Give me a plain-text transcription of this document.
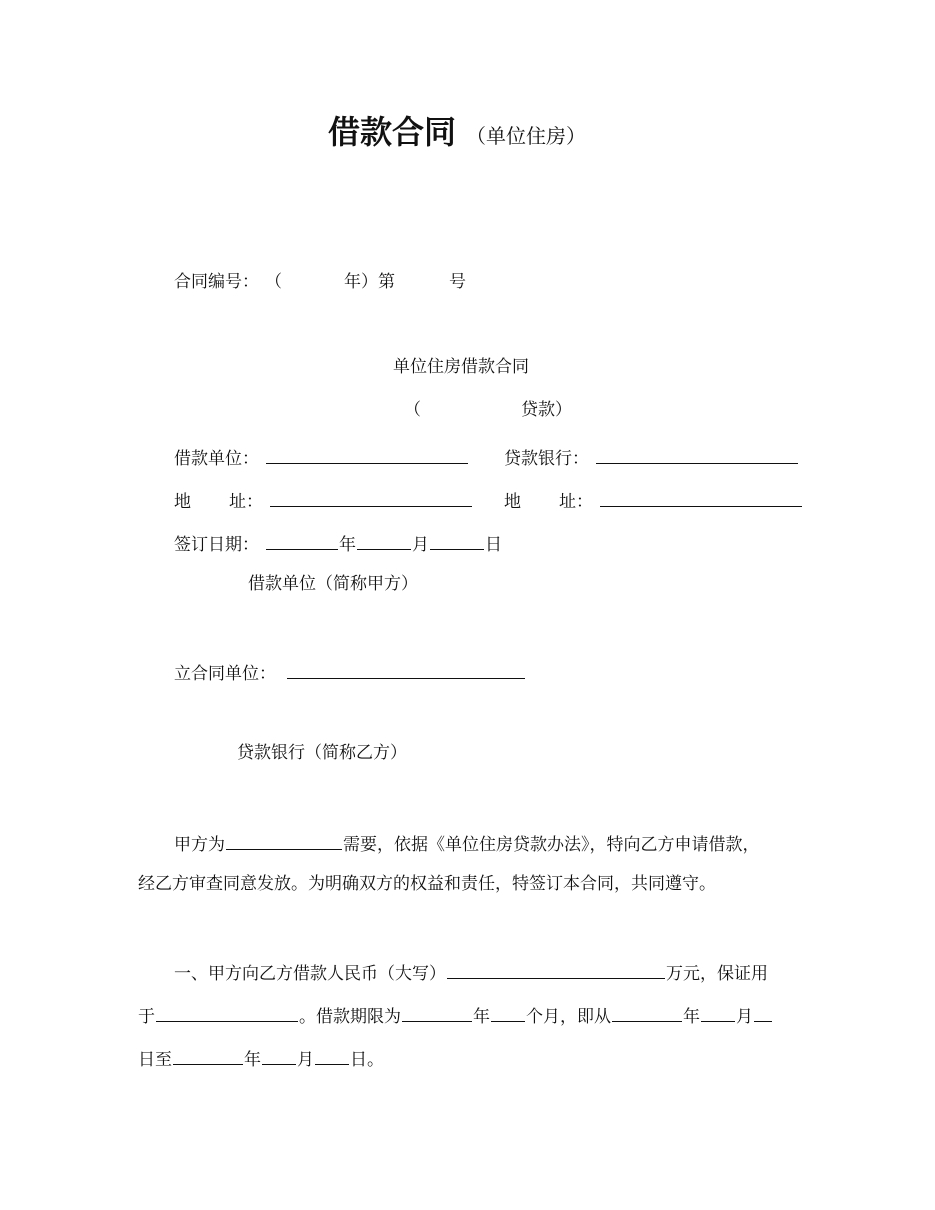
借款合同 （单位住房）
合同编号： （	年）第	号
单位住房借款合同
（	贷款）
借款单位：	贷款银行：
地 址：	地 址：
签订日期：	年	月	日
借款单位（简称甲方）
立合同单位：
贷款银行（简称乙方）
甲方为	需要，依据《单位住房贷款办法》，特向乙方申请借款，
经乙方审查同意发放。为明确双方的权益和责任，特签订本合同，共同遵守。
一、甲方向乙方借款人民币（大写）	万元，保证用
于	。借款期限为	年 个月，即从	年 月
日至	年 月 日。
